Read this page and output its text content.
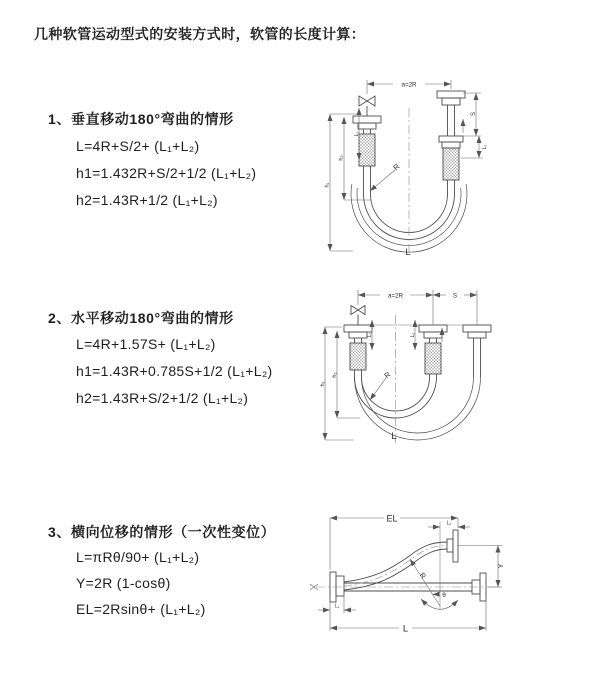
几种软管运动型式的安装方式时，软管的长度计算：
1、垂直移动180°弯曲的情形
L=4R+S/2+ (L₁+L₂)
h1=1.432R+S/2+1/2 (L₁+L₂)
h2=1.43R+1/2 (L₁+L₂)
2、水平移动180°弯曲的情形
L=4R+1.57S+ (L₁+L₂)
h1=1.43R+0.785S+1/2 (L₁+L₂)
h2=1.43R+S/2+1/2 (L₁+L₂)
3、横向位移的情形（一次性变位）
L=πRθ/90+ (L₁+L₂)
Y=2R (1-cosθ)
EL=2Rsinθ+ (L₁+L₂)
a=2R
h₁
h₂
L₁
S
L₂
R
L
a=2R	S
h₁
h₂
L₁	L₂
R
L
EL	L₂
Y
R
θ
L
L₁
